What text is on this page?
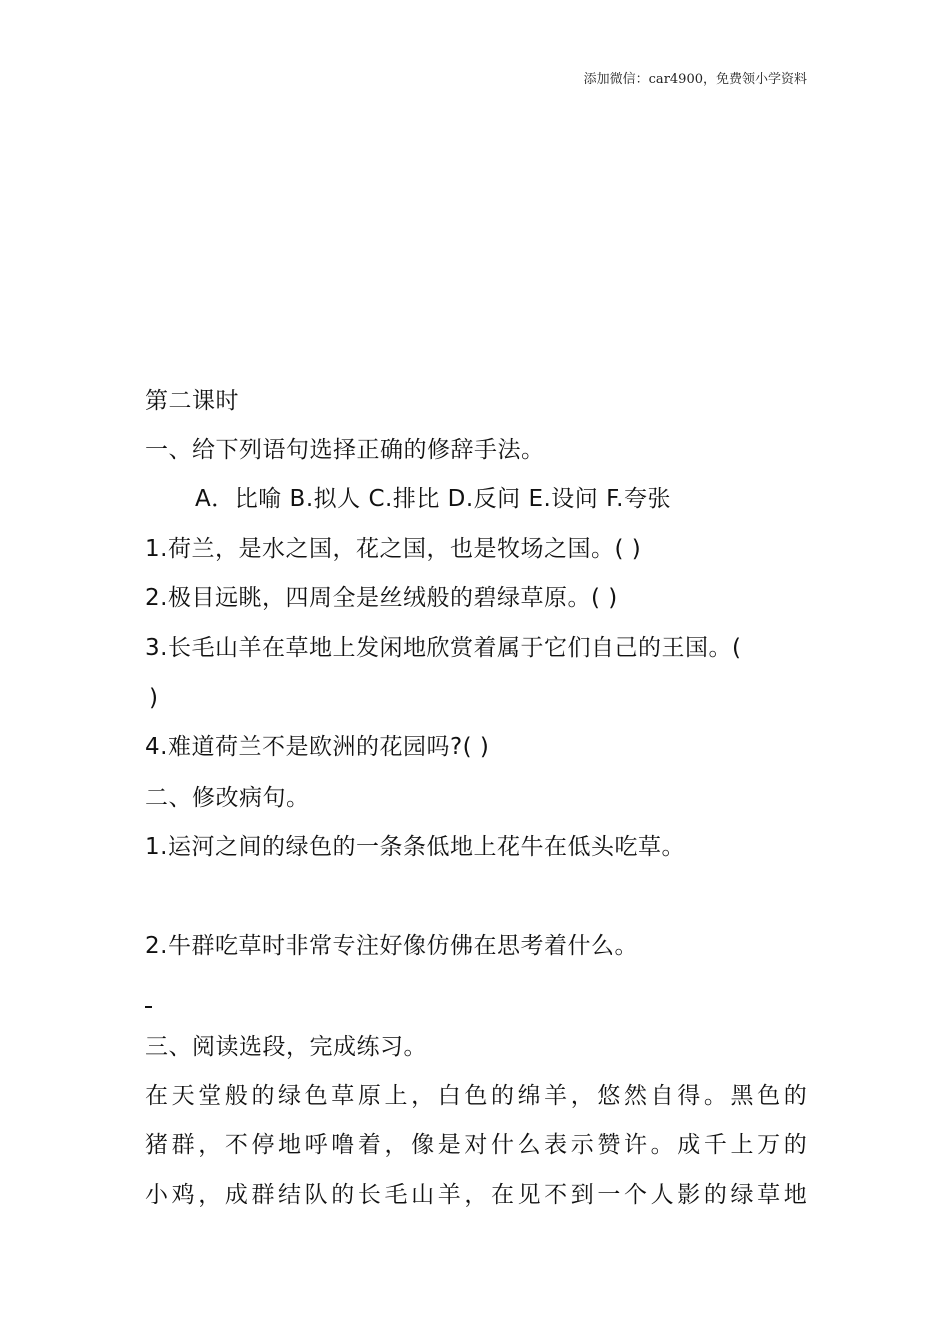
添加微信：car4900，免费领小学资料
第二课时
一、给下列语句选择正确的修辞手法。
A．比喻 B.拟人 C.排比 D.反问 E.设问 F.夸张
1.荷兰，是水之国，花之国，也是牧场之国。( )
2.极目远眺，四周全是丝绒般的碧绿草原。( )
3.长毛山羊在草地上发闲地欣赏着属于它们自己的王国。(
)
4.难道荷兰不是欧洲的花园吗?( )
二、修改病句。
1.运河之间的绿色的一条条低地上花牛在低头吃草。
2.牛群吃草时非常专注好像仿佛在思考着什么。
三、阅读选段，完成练习。
在天堂般的绿色草原上，白色的绵羊，悠然自得。黑色的
猪群，不停地呼噜着，像是对什么表示赞许。成千上万的
小鸡，成群结队的长毛山羊，在见不到一个人影的绿草地
